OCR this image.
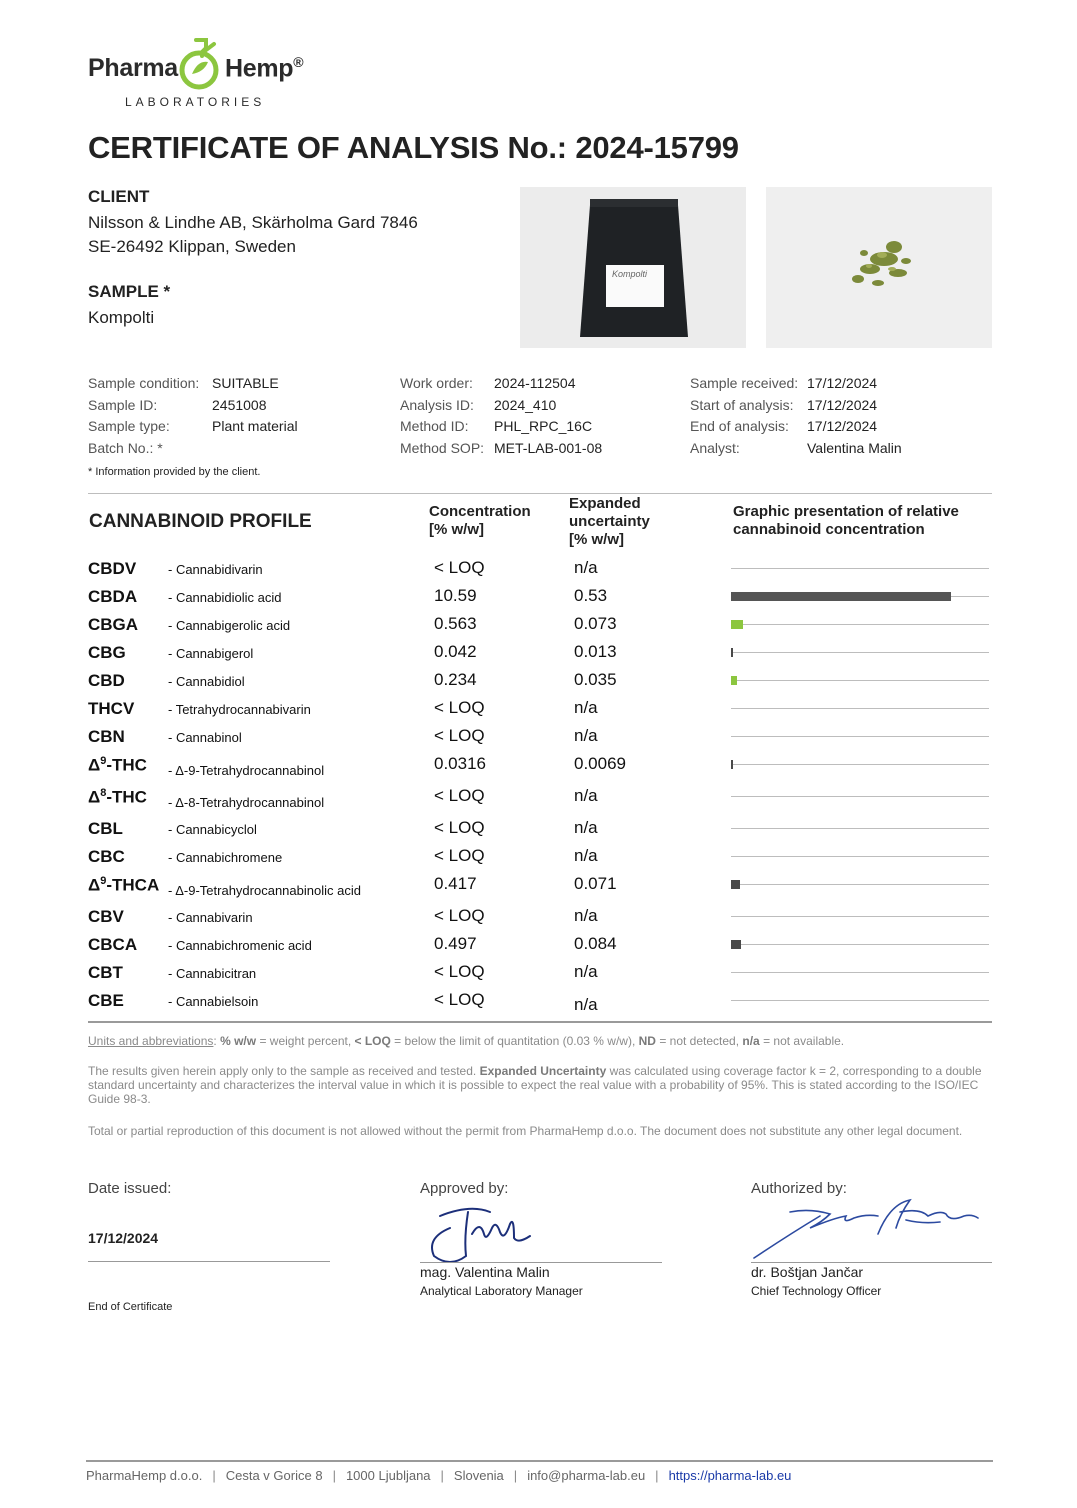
Pharma Hemp®
LABORATORIES
CERTIFICATE OF ANALYSIS No.: 2024-15799
CLIENT
Nilsson & Lindhe AB, Skärholma Gard 7846
SE-26492 Klippan, Sweden
SAMPLE *
Kompolti
Kompolti
Sample condition: SUITABLE
Sample ID:	2451008
Sample type:	Plant material
Batch No.: *
Work order: 2024-112504
Analysis ID: 2024_410
Method ID: PHL_RPC_16C
Method SOP: MET-LAB-001-08
Sample received: 17/12/2024
Start of analysis: 17/12/2024
End of analysis: 17/12/2024
Analyst:	Valentina Malin
* Information provided by the client.
CANNABINOID PROFILE	Concentration
[% w/w]
Expanded
uncertainty
[% w/w]
Graphic presentation of relative
cannabinoid concentration
CBDV - Cannabidivarin	< LOQ	n/a
CBDA - Cannabidiolic acid	10.59	0.53
CBGA - Cannabigerolic acid	0.563	0.073
CBG	- Cannabigerol	0.042	0.013
CBD	- Cannabidiol	0.234	0.035
THCV	- Tetrahydrocannabivarin	< LOQ	n/a
CBN	- Cannabinol	< LOQ	n/a
$\Delta^9$-THC - Δ-9-Tetrahydrocannabinol	0.0316	0.0069
$\Delta^8$-THC - Δ-8-Tetrahydrocannabinol	< LOQ	n/a
CBL	- Cannabicyclol	< LOQ	n/a
CBC	- Cannabichromene	< LOQ	n/a
$\Delta^9$-THCA - Δ-9-Tetrahydrocannabinolic acid	0.417	0.071
CBV	- Cannabivarin	< LOQ	n/a
CBCA - Cannabichromenic acid	0.497	0.084
CBT	- Cannabicitran	< LOQ	n/a
CBE	- Cannabielsoin	< LOQ	n/a
Units and abbreviations: % w/w = weight percent, < LOQ = below the limit of quantitation (0.03 % w/w), ND = not detected, n/a = not available.
The results given herein apply only to the sample as received and tested. Expanded Uncertainty was calculated using coverage factor k = 2, corresponding to a double standard uncertainty and characterizes the interval value in which it is possible to expect the real value with a probability of 95%. This is stated according to the ISO/IEC Guide 98-3.
Total or partial reproduction of this document is not allowed without the permit from PharmaHemp d.o.o. The document does not substitute any other legal document.
Date issued:
17/12/2024
End of Certificate
Approved by:
mag. Valentina Malin
Analytical Laboratory Manager
Authorized by:
dr. Boštjan Jančar
Chief Technology Officer
PharmaHemp d.o.o. | Cesta v Gorice 8 | 1000 Ljubljana | Slovenia | info@pharma-lab.eu | https://pharma-lab.eu
